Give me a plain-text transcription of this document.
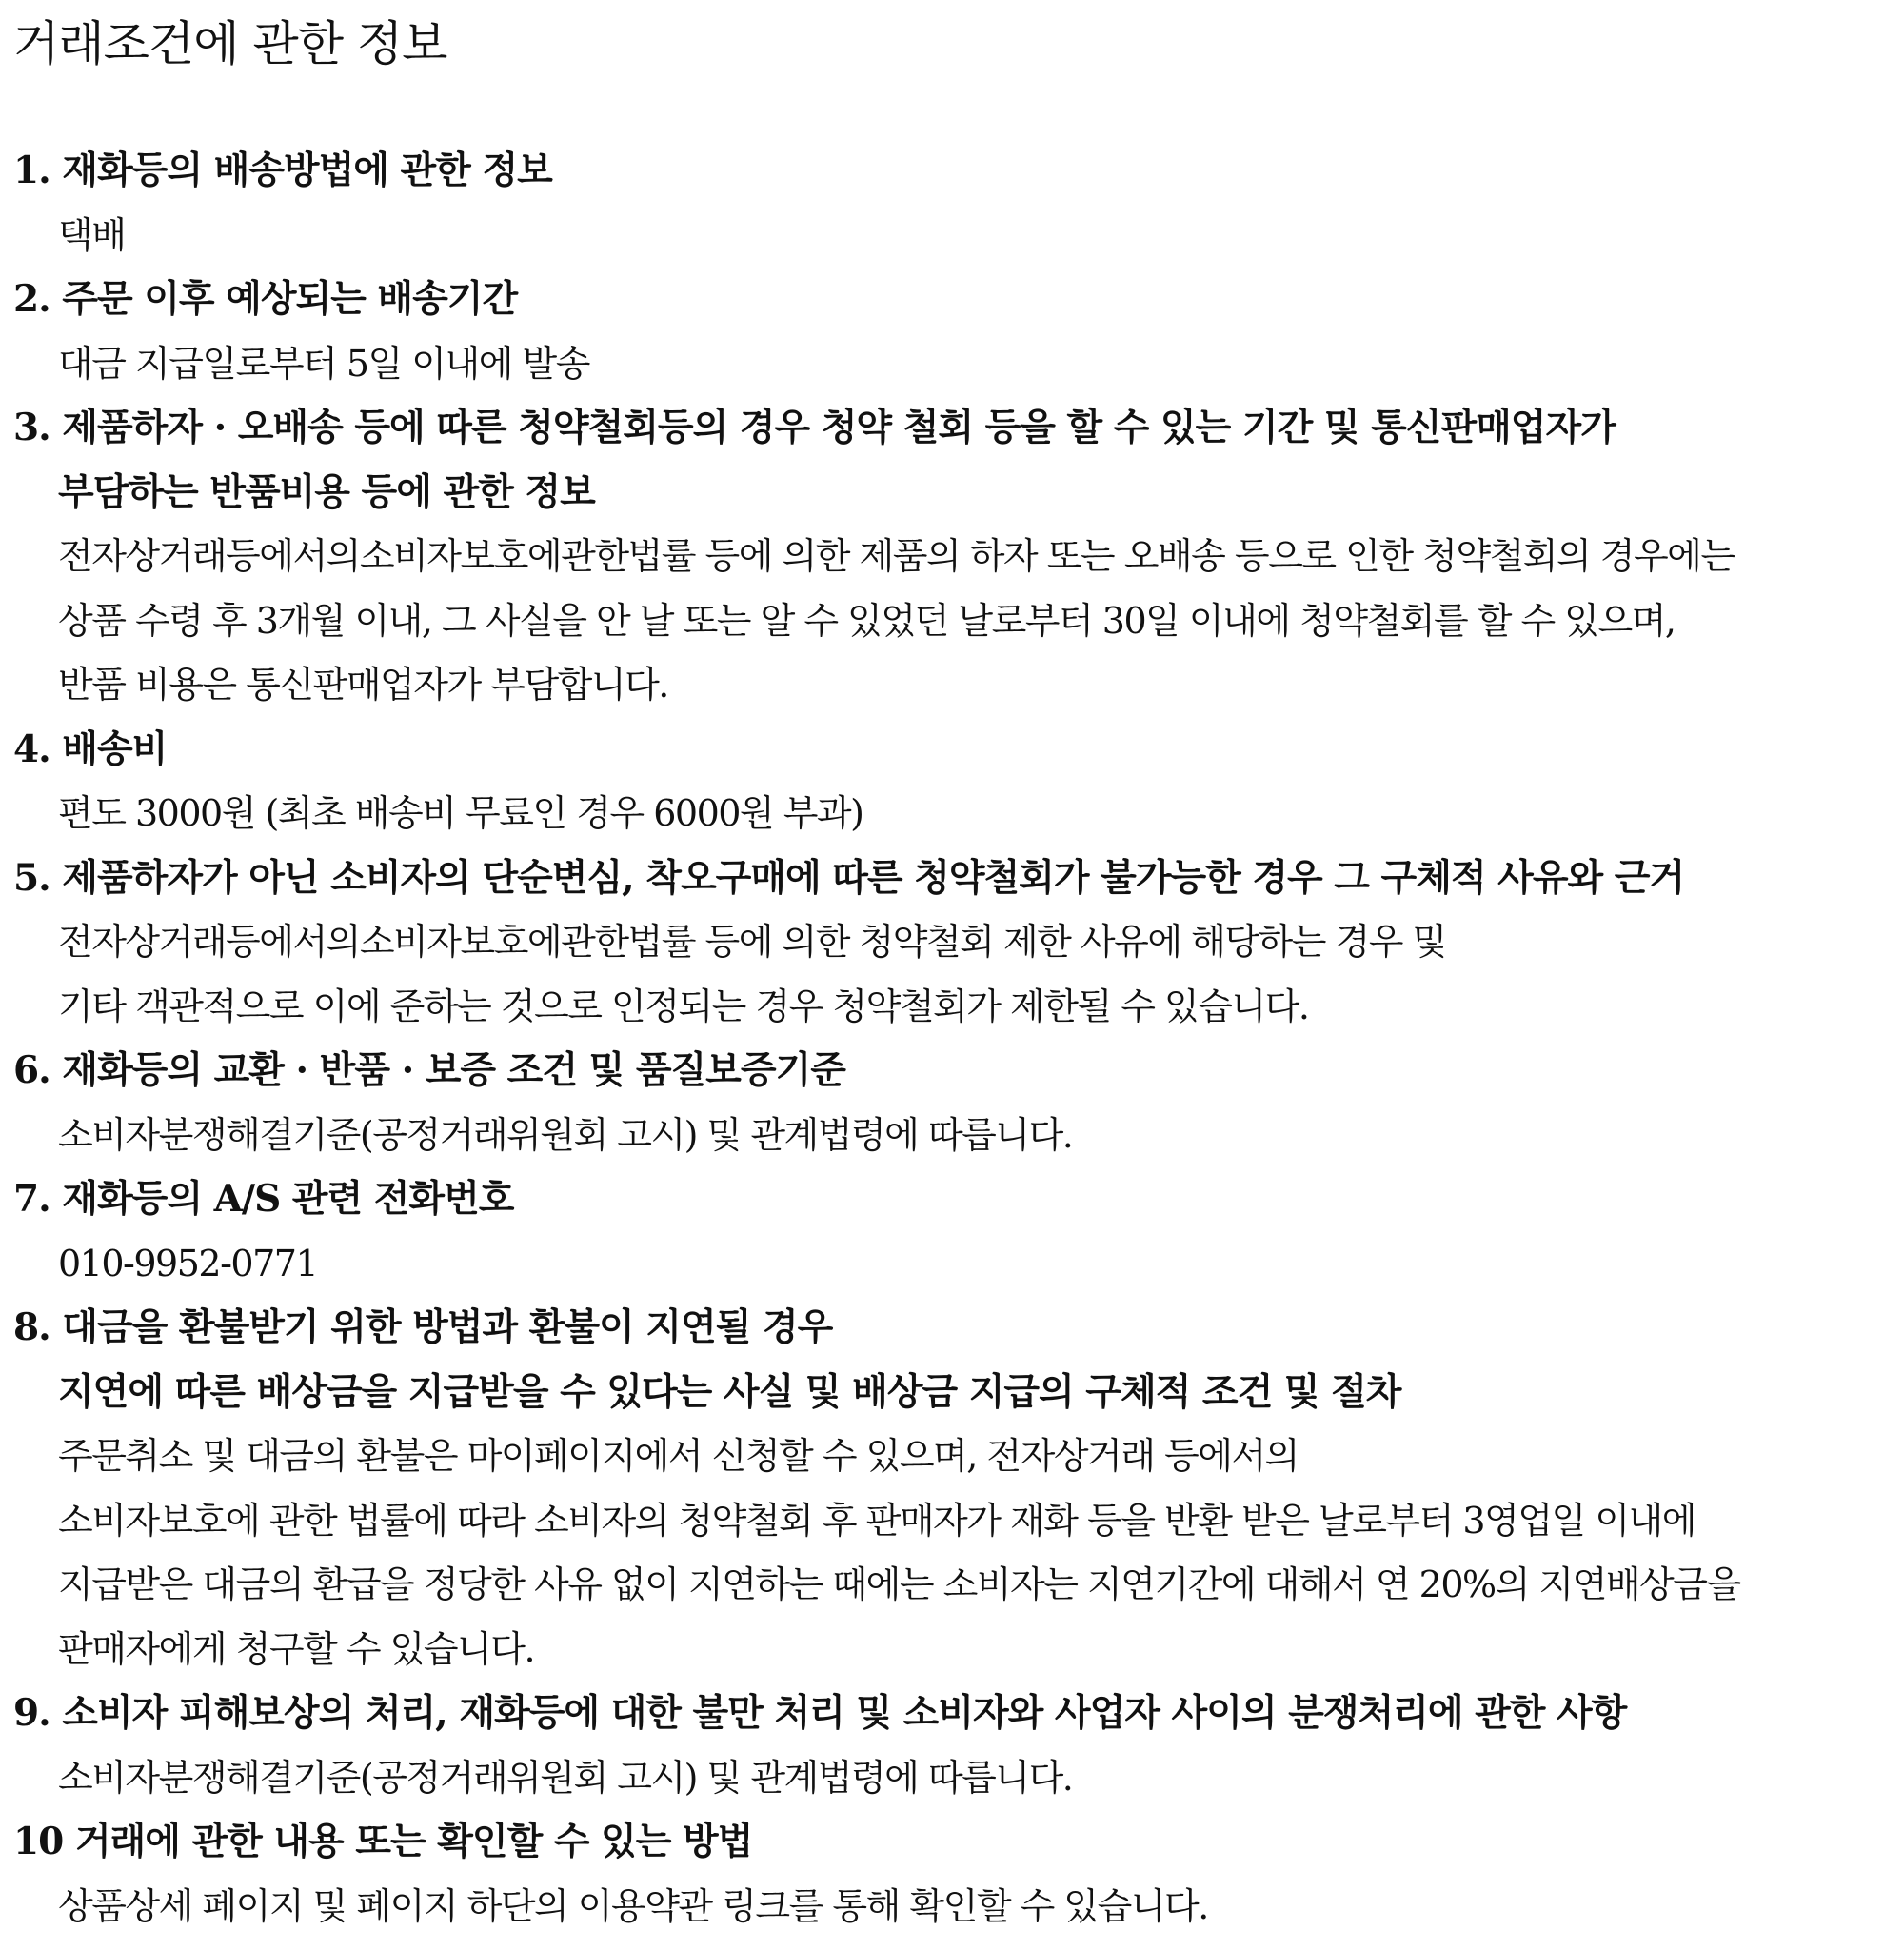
거래조건에 관한 정보
1. 재화등의 배송방법에 관한 정보
택배
2. 주문 이후 예상되는 배송기간
대금 지급일로부터 5일 이내에 발송
3. 제품하자 · 오배송 등에 따른 청약철회등의 경우 청약 철회 등을 할 수 있는 기간 및 통신판매업자가
부담하는 반품비용 등에 관한 정보
전자상거래등에서의소비자보호에관한법률 등에 의한 제품의 하자 또는 오배송 등으로 인한 청약철회의 경우에는
상품 수령 후 3개월 이내, 그 사실을 안 날 또는 알 수 있었던 날로부터 30일 이내에 청약철회를 할 수 있으며,
반품 비용은 통신판매업자가 부담합니다.
4. 배송비
편도 3000원 (최초 배송비 무료인 경우 6000원 부과)
5. 제품하자가 아닌 소비자의 단순변심, 착오구매에 따른 청약철회가 불가능한 경우 그 구체적 사유와 근거
전자상거래등에서의소비자보호에관한법률 등에 의한 청약철회 제한 사유에 해당하는 경우 및
기타 객관적으로 이에 준하는 것으로 인정되는 경우 청약철회가 제한될 수 있습니다.
6. 재화등의 교환 · 반품 · 보증 조건 및 품질보증기준
소비자분쟁해결기준(공정거래위원회 고시) 및 관계법령에 따릅니다.
7. 재화등의 A/S 관련 전화번호
010-9952-0771
8. 대금을 환불받기 위한 방법과 환불이 지연될 경우
지연에 따른 배상금을 지급받을 수 있다는 사실 및 배상금 지급의 구체적 조건 및 절차
주문취소 및 대금의 환불은 마이페이지에서 신청할 수 있으며, 전자상거래 등에서의
소비자보호에 관한 법률에 따라 소비자의 청약철회 후 판매자가 재화 등을 반환 받은 날로부터 3영업일 이내에
지급받은 대금의 환급을 정당한 사유 없이 지연하는 때에는 소비자는 지연기간에 대해서 연 20%의 지연배상금을
판매자에게 청구할 수 있습니다.
9. 소비자 피해보상의 처리, 재화등에 대한 불만 처리 및 소비자와 사업자 사이의 분쟁처리에 관한 사항
소비자분쟁해결기준(공정거래위원회 고시) 및 관계법령에 따릅니다.
10 거래에 관한 내용 또는 확인할 수 있는 방법
상품상세 페이지 및 페이지 하단의 이용약관 링크를 통해 확인할 수 있습니다.
